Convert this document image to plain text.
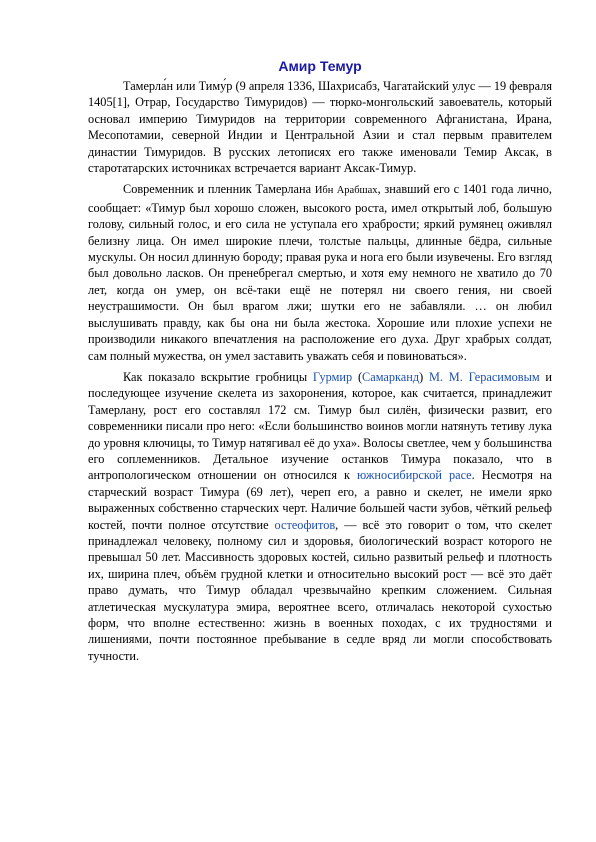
Амир Темур

Тамерла́н или Тиму́р (9 апреля 1336, Шахрисабз, Чагатайский улус — 19 февраля 1405[1], Отрар, Государство Тимуридов) — тюрко-монгольский завоеватель, который основал империю Тимуридов на территории современного Афганистана, Ирана, Месопотамии, северной Индии и Центральной Азии и стал первым правителем династии Тимуридов. В русских летописях его также именовали Темир Аксак, в старотатарских источниках встречается вариант Аксак-Тимур.

Современник и пленник Тамерлана Ибн Арабшах, знавший его с 1401 года лично, сообщает: «Тимур был хорошо сложен, высокого роста, имел открытый лоб, большую голову, сильный голос, и его сила не уступала его храбрости; яркий румянец оживлял белизну лица. Он имел широкие плечи, толстые пальцы, длинные бёдра, сильные мускулы. Он носил длинную бороду; правая рука и нога его были изувечены. Его взгляд был довольно ласков. Он пренебрегал смертью, и хотя ему немного не хватило до 70 лет, когда он умер, он всё-таки ещё не потерял ни своего гения, ни своей неустрашимости. Он был врагом лжи; шутки его не забавляли. … он любил выслушивать правду, как бы она ни была жестока. Хорошие или плохие успехи не производили никакого впечатления на расположение его духа. Друг храбрых солдат, сам полный мужества, он умел заставить уважать себя и повиноваться».

Как показало вскрытие гробницы Гурмир (Самарканд) М. М. Герасимовым и последующее изучение скелета из захоронения, которое, как считается, принадлежит Тамерлану, рост его составлял 172 см. Тимур был силён, физически развит, его современники писали про него: «Если большинство воинов могли натянуть тетиву лука до уровня ключицы, то Тимур натягивал её до уха». Волосы светлее, чем у большинства его соплеменников. Детальное изучение останков Тимура показало, что в антропологическом отношении он относился к южносибирской расе. Несмотря на старческий возраст Тимура (69 лет), череп его, а равно и скелет, не имели ярко выраженных собственно старческих черт. Наличие большей части зубов, чёткий рельеф костей, почти полное отсутствие остеофитов, — всё это говорит о том, что скелет принадлежал человеку, полному сил и здоровья, биологический возраст которого не превышал 50 лет. Массивность здоровых костей, сильно развитый рельеф и плотность их, ширина плеч, объём грудной клетки и относительно высокий рост — всё это даёт право думать, что Тимур обладал чрезвычайно крепким сложением. Сильная атлетическая мускулатура эмира, вероятнее всего, отличалась некоторой сухостью форм, что вполне естественно: жизнь в военных походах, с их трудностями и лишениями, почти постоянное пребывание в седле вряд ли могли способствовать тучности.
